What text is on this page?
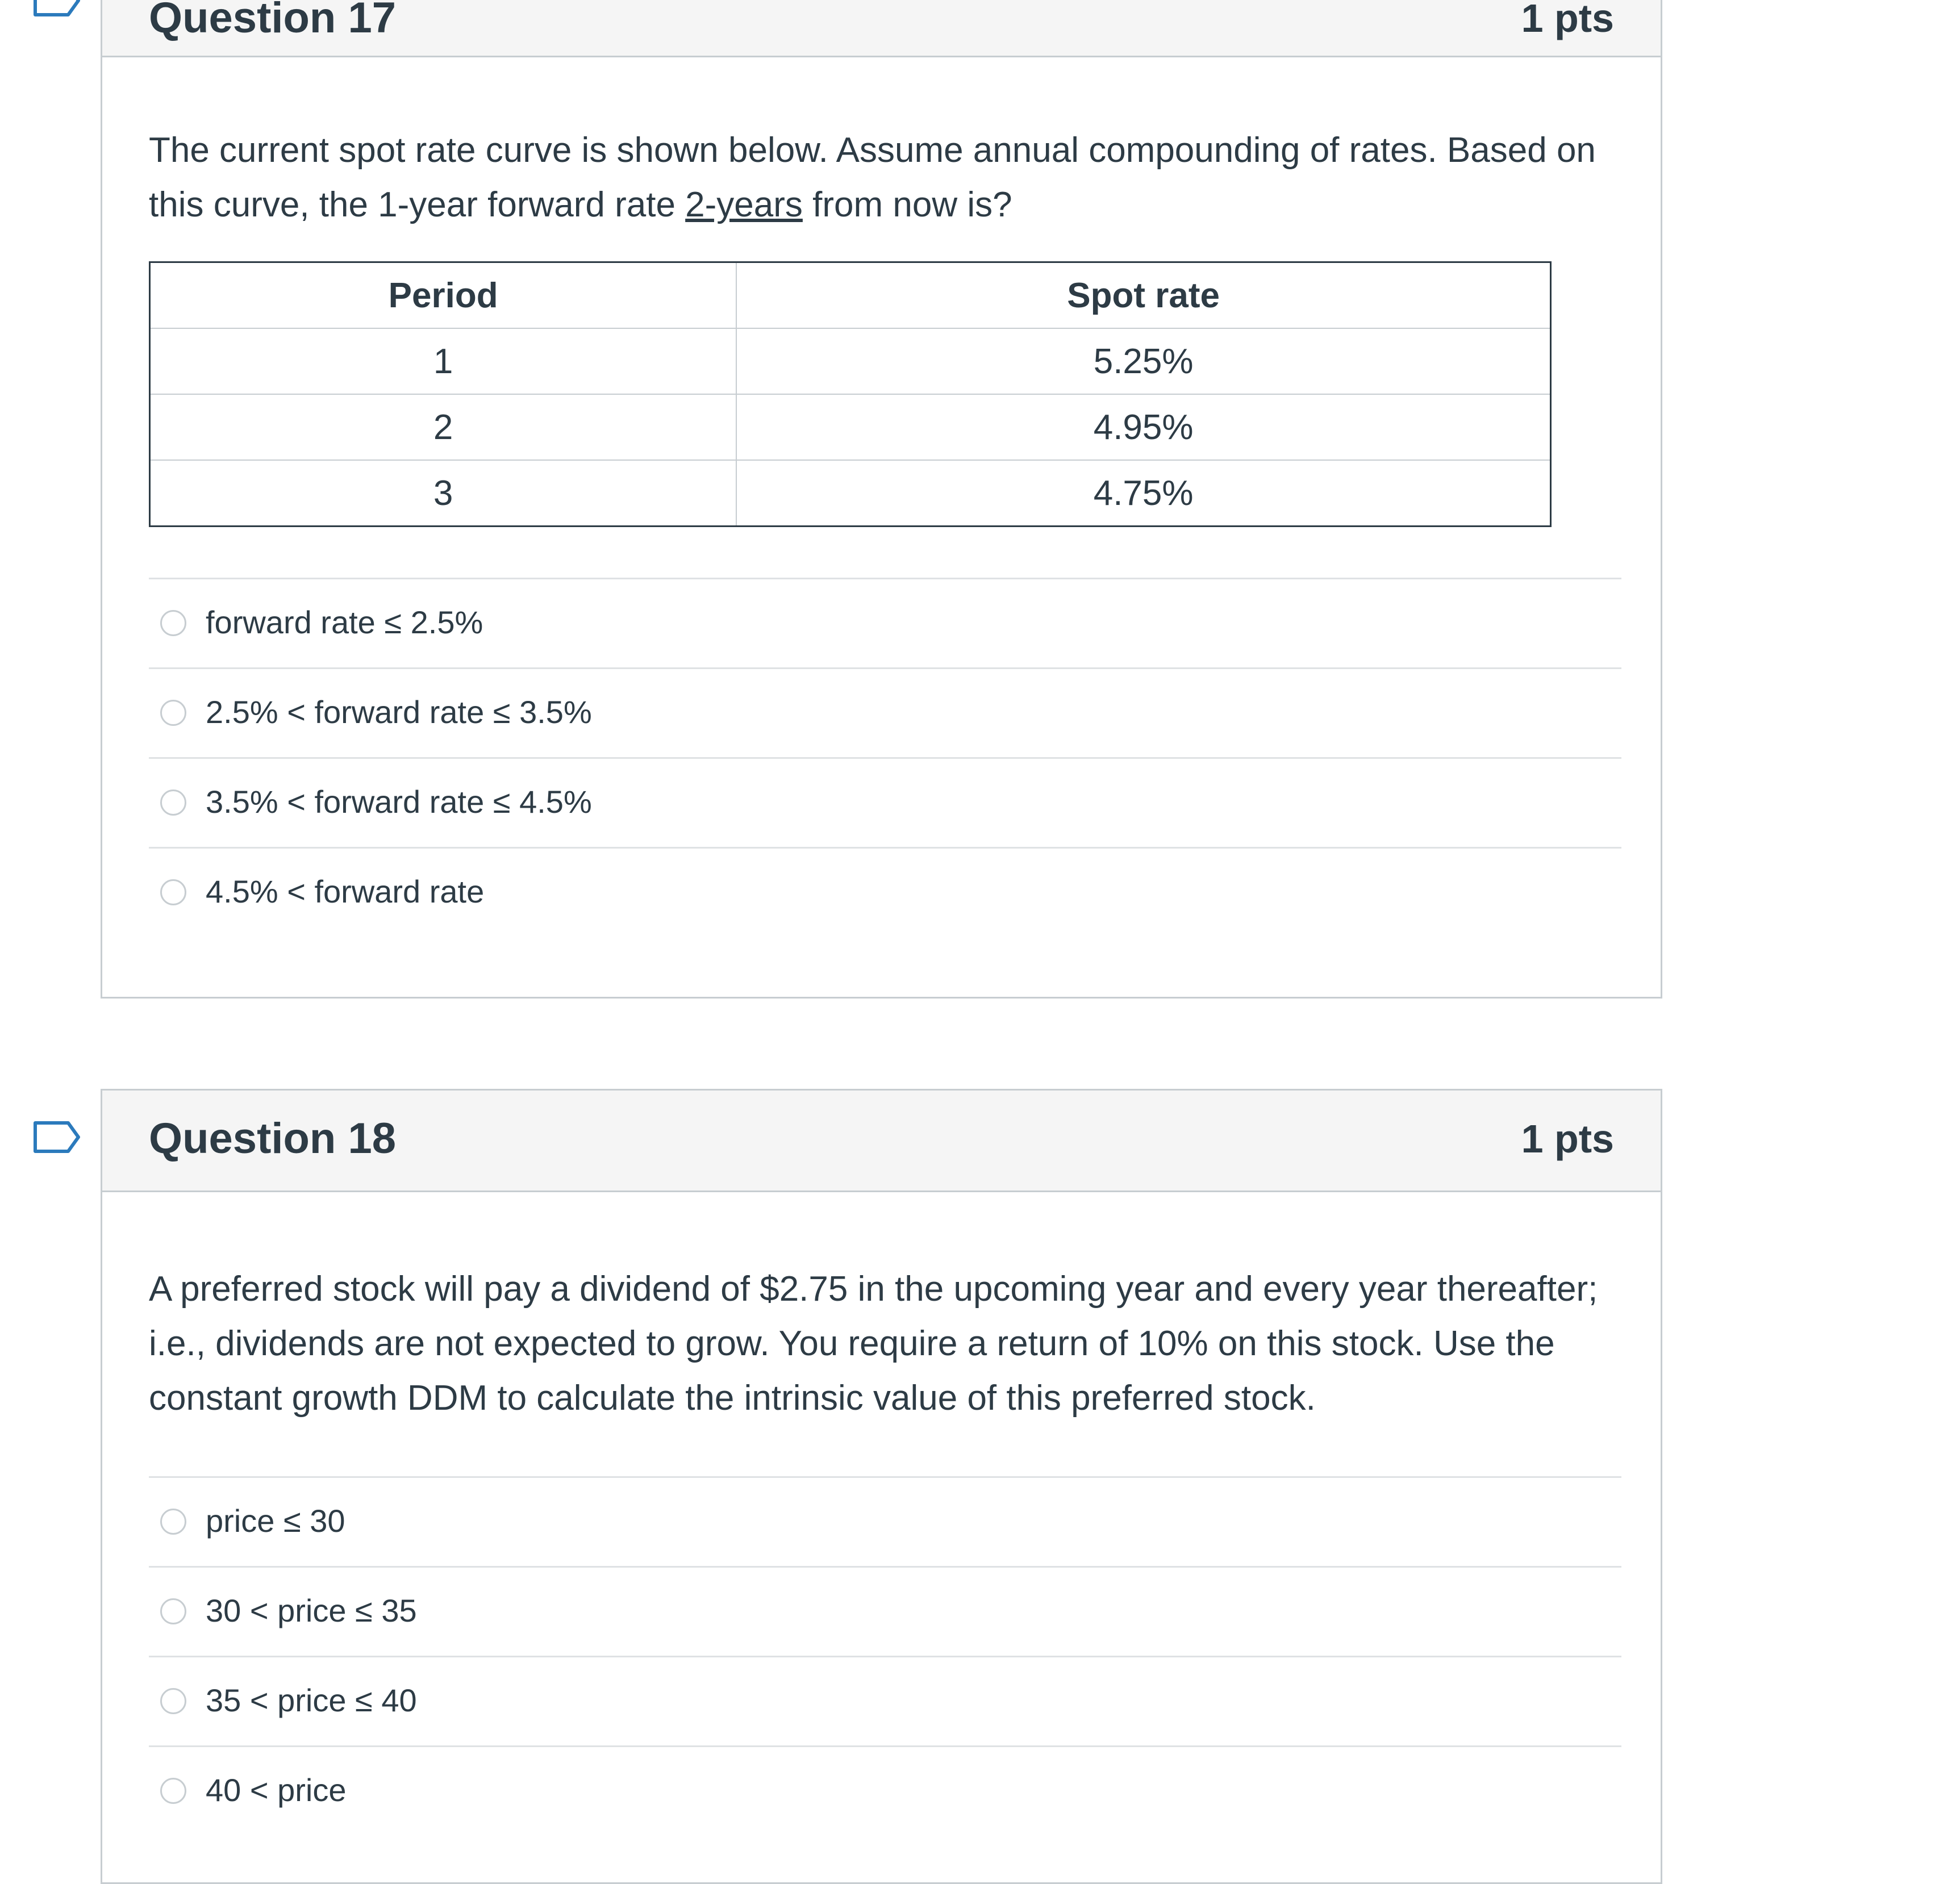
Question 17	1 pts
The current spot rate curve is shown below. Assume annual compounding of rates. Based on this curve, the 1-year forward rate 2-years from now is?
Period	Spot rate
1	5.25%
2	4.95%
3	4.75%
forward rate ≤ 2.5%
2.5% < forward rate ≤ 3.5%
3.5% < forward rate ≤ 4.5%
4.5% < forward rate
Question 18	1 pts
A preferred stock will pay a dividend of $2.75 in the upcoming year and every year thereafter; i.e., dividends are not expected to grow. You require a return of 10% on this stock. Use the constant growth DDM to calculate the intrinsic value of this preferred stock.
price ≤ 30
30 < price ≤ 35
35 < price ≤ 40
40 < price
